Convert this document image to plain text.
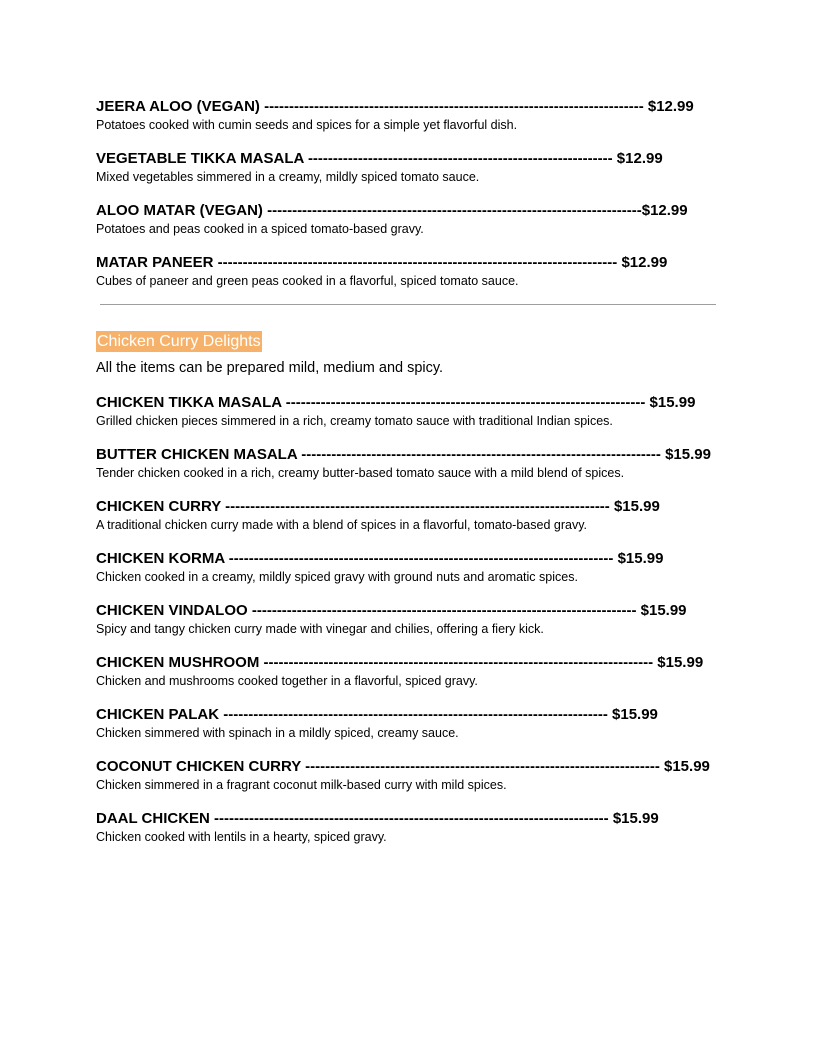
JEERA ALOO (VEGAN) ---------------------------------------------------------------------------- $12.99

Potatoes cooked with cumin seeds and spices for a simple yet flavorful dish.

VEGETABLE TIKKA MASALA ------------------------------------------------------------- $12.99

Mixed vegetables simmered in a creamy, mildly spiced tomato sauce.

ALOO MATAR (VEGAN) ---------------------------------------------------------------------------$12.99

Potatoes and peas cooked in a spiced tomato-based gravy.

MATAR PANEER -------------------------------------------------------------------------------- $12.99

Cubes of paneer and green peas cooked in a flavorful, spiced tomato sauce.

Chicken Curry Delights

All the items can be prepared mild, medium and spicy.

CHICKEN TIKKA MASALA ------------------------------------------------------------------------ $15.99

Grilled chicken pieces simmered in a rich, creamy tomato sauce with traditional Indian spices.

BUTTER CHICKEN MASALA ------------------------------------------------------------------------ $15.99

Tender chicken cooked in a rich, creamy butter-based tomato sauce with a mild blend of spices.

CHICKEN CURRY ----------------------------------------------------------------------------- $15.99

A traditional chicken curry made with a blend of spices in a flavorful, tomato-based gravy.

CHICKEN KORMA ----------------------------------------------------------------------------- $15.99

Chicken cooked in a creamy, mildly spiced gravy with ground nuts and aromatic spices.

CHICKEN VINDALOO ----------------------------------------------------------------------------- $15.99

Spicy and tangy chicken curry made with vinegar and chilies, offering a fiery kick.

CHICKEN MUSHROOM ------------------------------------------------------------------------------ $15.99

Chicken and mushrooms cooked together in a flavorful, spiced gravy.

CHICKEN PALAK ----------------------------------------------------------------------------- $15.99

Chicken simmered with spinach in a mildly spiced, creamy sauce.

COCONUT CHICKEN CURRY ----------------------------------------------------------------------- $15.99

Chicken simmered in a fragrant coconut milk-based curry with mild spices.

DAAL CHICKEN ------------------------------------------------------------------------------- $15.99

Chicken cooked with lentils in a hearty, spiced gravy.
